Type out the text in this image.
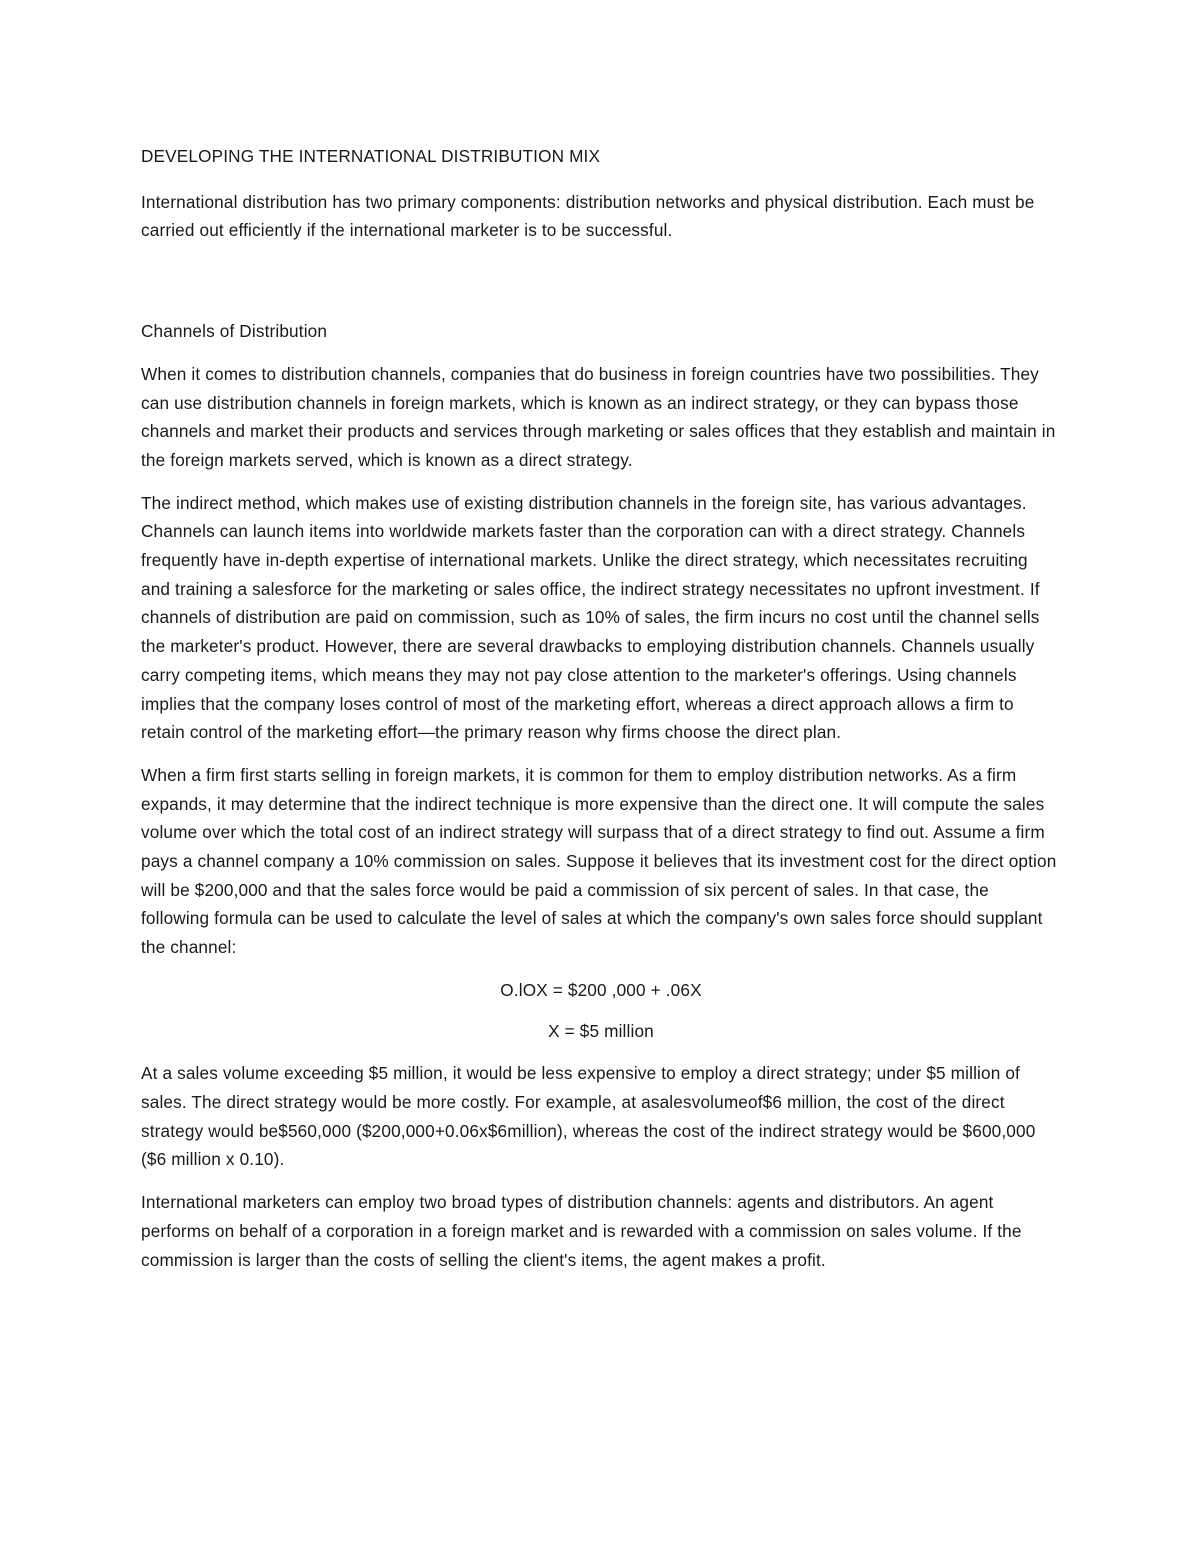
DEVELOPING THE INTERNATIONAL DISTRIBUTION MIX

International distribution has two primary components: distribution networks and physical distribution. Each must be carried out efficiently if the international marketer is to be successful.

Channels of Distribution

When it comes to distribution channels, companies that do business in foreign countries have two possibilities. They can use distribution channels in foreign markets, which is known as an indirect strategy, or they can bypass those channels and market their products and services through marketing or sales offices that they establish and maintain in the foreign markets served, which is known as a direct strategy.

The indirect method, which makes use of existing distribution channels in the foreign site, has various advantages. Channels can launch items into worldwide markets faster than the corporation can with a direct strategy. Channels frequently have in-depth expertise of international markets. Unlike the direct strategy, which necessitates recruiting and training a salesforce for the marketing or sales office, the indirect strategy necessitates no upfront investment. If channels of distribution are paid on commission, such as 10% of sales, the firm incurs no cost until the channel sells the marketer's product. However, there are several drawbacks to employing distribution channels. Channels usually carry competing items, which means they may not pay close attention to the marketer's offerings. Using channels implies that the company loses control of most of the marketing effort, whereas a direct approach allows a firm to retain control of the marketing effort—the primary reason why firms choose the direct plan.

When a firm first starts selling in foreign markets, it is common for them to employ distribution networks. As a firm expands, it may determine that the indirect technique is more expensive than the direct one. It will compute the sales volume over which the total cost of an indirect strategy will surpass that of a direct strategy to find out. Assume a firm pays a channel company a 10% commission on sales. Suppose it believes that its investment cost for the direct option will be $200,000 and that the sales force would be paid a commission of six percent of sales. In that case, the following formula can be used to calculate the level of sales at which the company's own sales force should supplant the channel:

O.lOX = $200 ,000 + .06X

X = $5 million

At a sales volume exceeding $5 million, it would be less expensive to employ a direct strategy; under $5 million of sales. The direct strategy would be more costly. For example, at asalesvolumeof$6 million, the cost of the direct strategy would be$560,000 ($200,000+0.06x$6million), whereas the cost of the indirect strategy would be $600,000 ($6 million x 0.10).

International marketers can employ two broad types of distribution channels: agents and distributors. An agent performs on behalf of a corporation in a foreign market and is rewarded with a commission on sales volume. If the commission is larger than the costs of selling the client's items, the agent makes a profit.
